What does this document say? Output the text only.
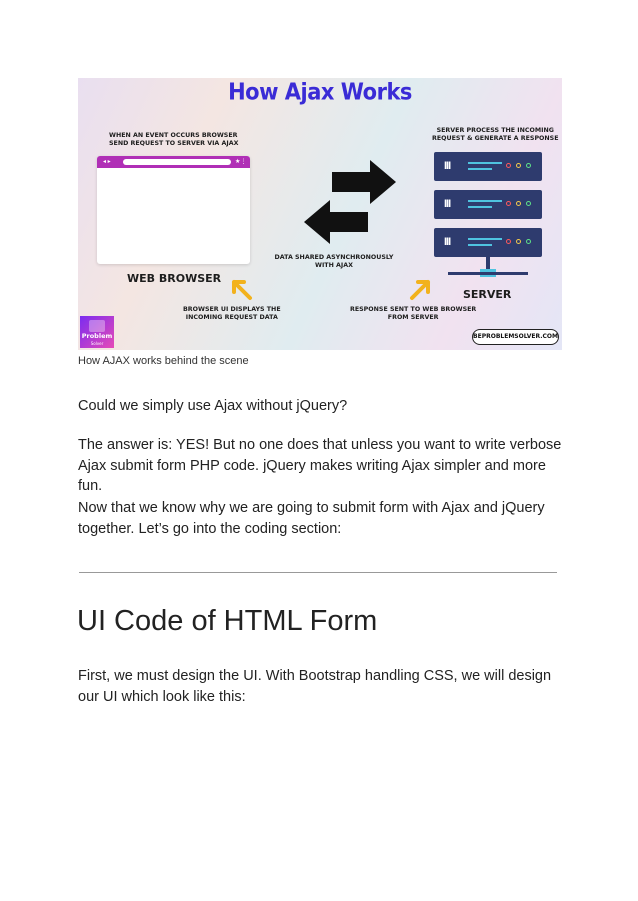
How Ajax Works
WHEN AN EVENT OCCURS BROWSER
SEND REQUEST TO SERVER VIA AJAX
SERVER PROCESS THE INCOMING
REQUEST & GENERATE A RESPONSE
◂ ▸	★⋮
DATA SHARED ASYNCHRONOUSLY
WITH AJAX
WEB BROWSER
III
III
III
SERVER
BROWSER UI DISPLAYS THE
INCOMING REQUEST DATA
RESPONSE SENT TO WEB BROWSER
FROM SERVER
Problem
Solver
BEPROBLEMSOLVER.COM
How AJAX works behind the scene

Could we simply use Ajax without jQuery?

The answer is: YES! But no one does that unless you want to write verbose Ajax submit form PHP code. jQuery makes writing Ajax simpler and more fun.

Now that we know why we are going to submit form with Ajax and jQuery together. Let’s go into the coding section:

UI Code of HTML Form

First, we must design the UI. With Bootstrap handling CSS, we will design our UI which look like this:
